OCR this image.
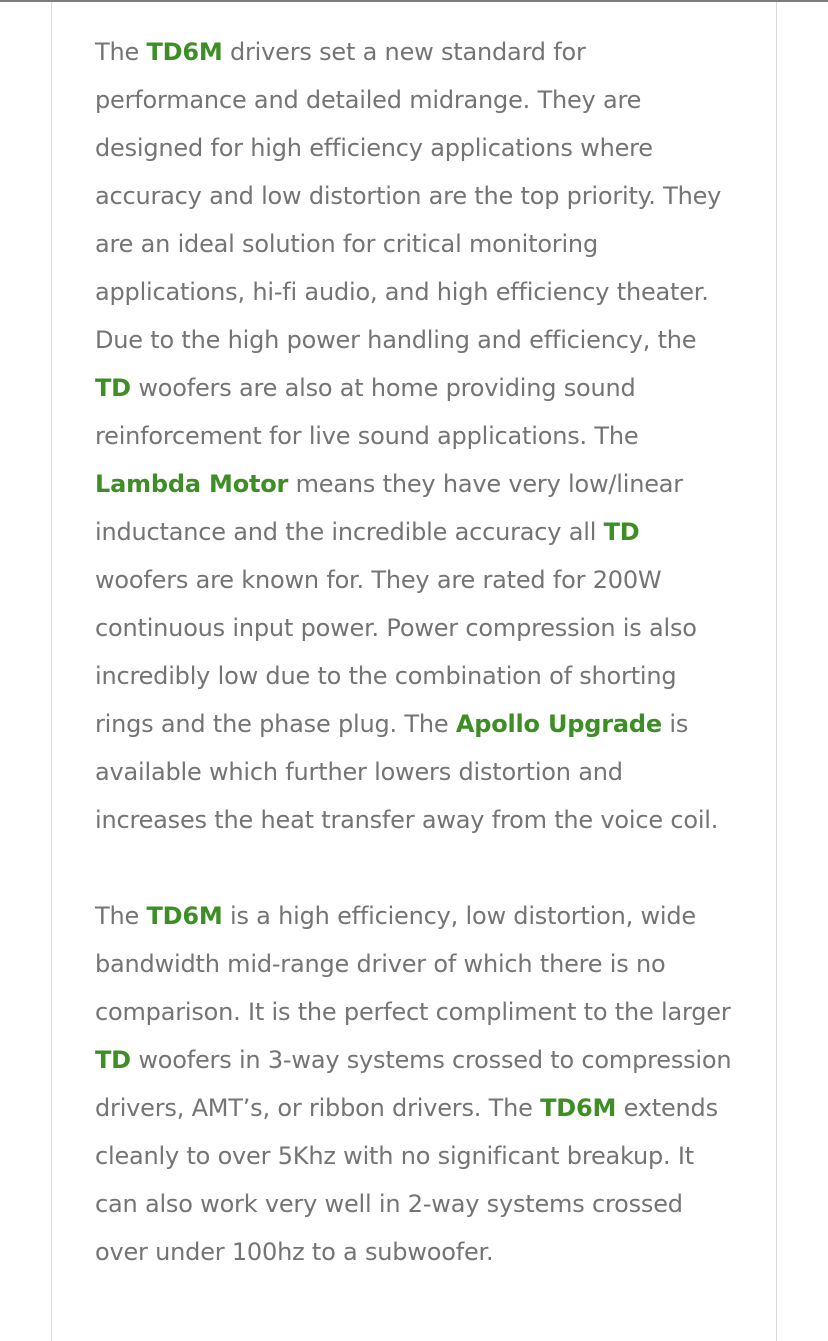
The TD6M drivers set a new standard for performance and detailed midrange. They are designed for high efficiency applications where accuracy and low distortion are the top priority. They are an ideal solution for critical monitoring applications, hi-fi audio, and high efficiency theater. Due to the high power handling and efficiency, the TD woofers are also at home providing sound reinforcement for live sound applications. The Lambda Motor means they have very low/linear inductance and the incredible accuracy all TD woofers are known for. They are rated for 200W continuous input power. Power compression is also incredibly low due to the combination of shorting rings and the phase plug. The Apollo Upgrade is available which further lowers distortion and increases the heat transfer away from the voice coil.

The TD6M is a high efficiency, low distortion, wide bandwidth mid-range driver of which there is no comparison. It is the perfect compliment to the larger TD woofers in 3-way systems crossed to compression drivers, AMT’s, or ribbon drivers. The TD6M extends cleanly to over 5Khz with no significant breakup. It can also work very well in 2-way systems crossed over under 100hz to a subwoofer.
